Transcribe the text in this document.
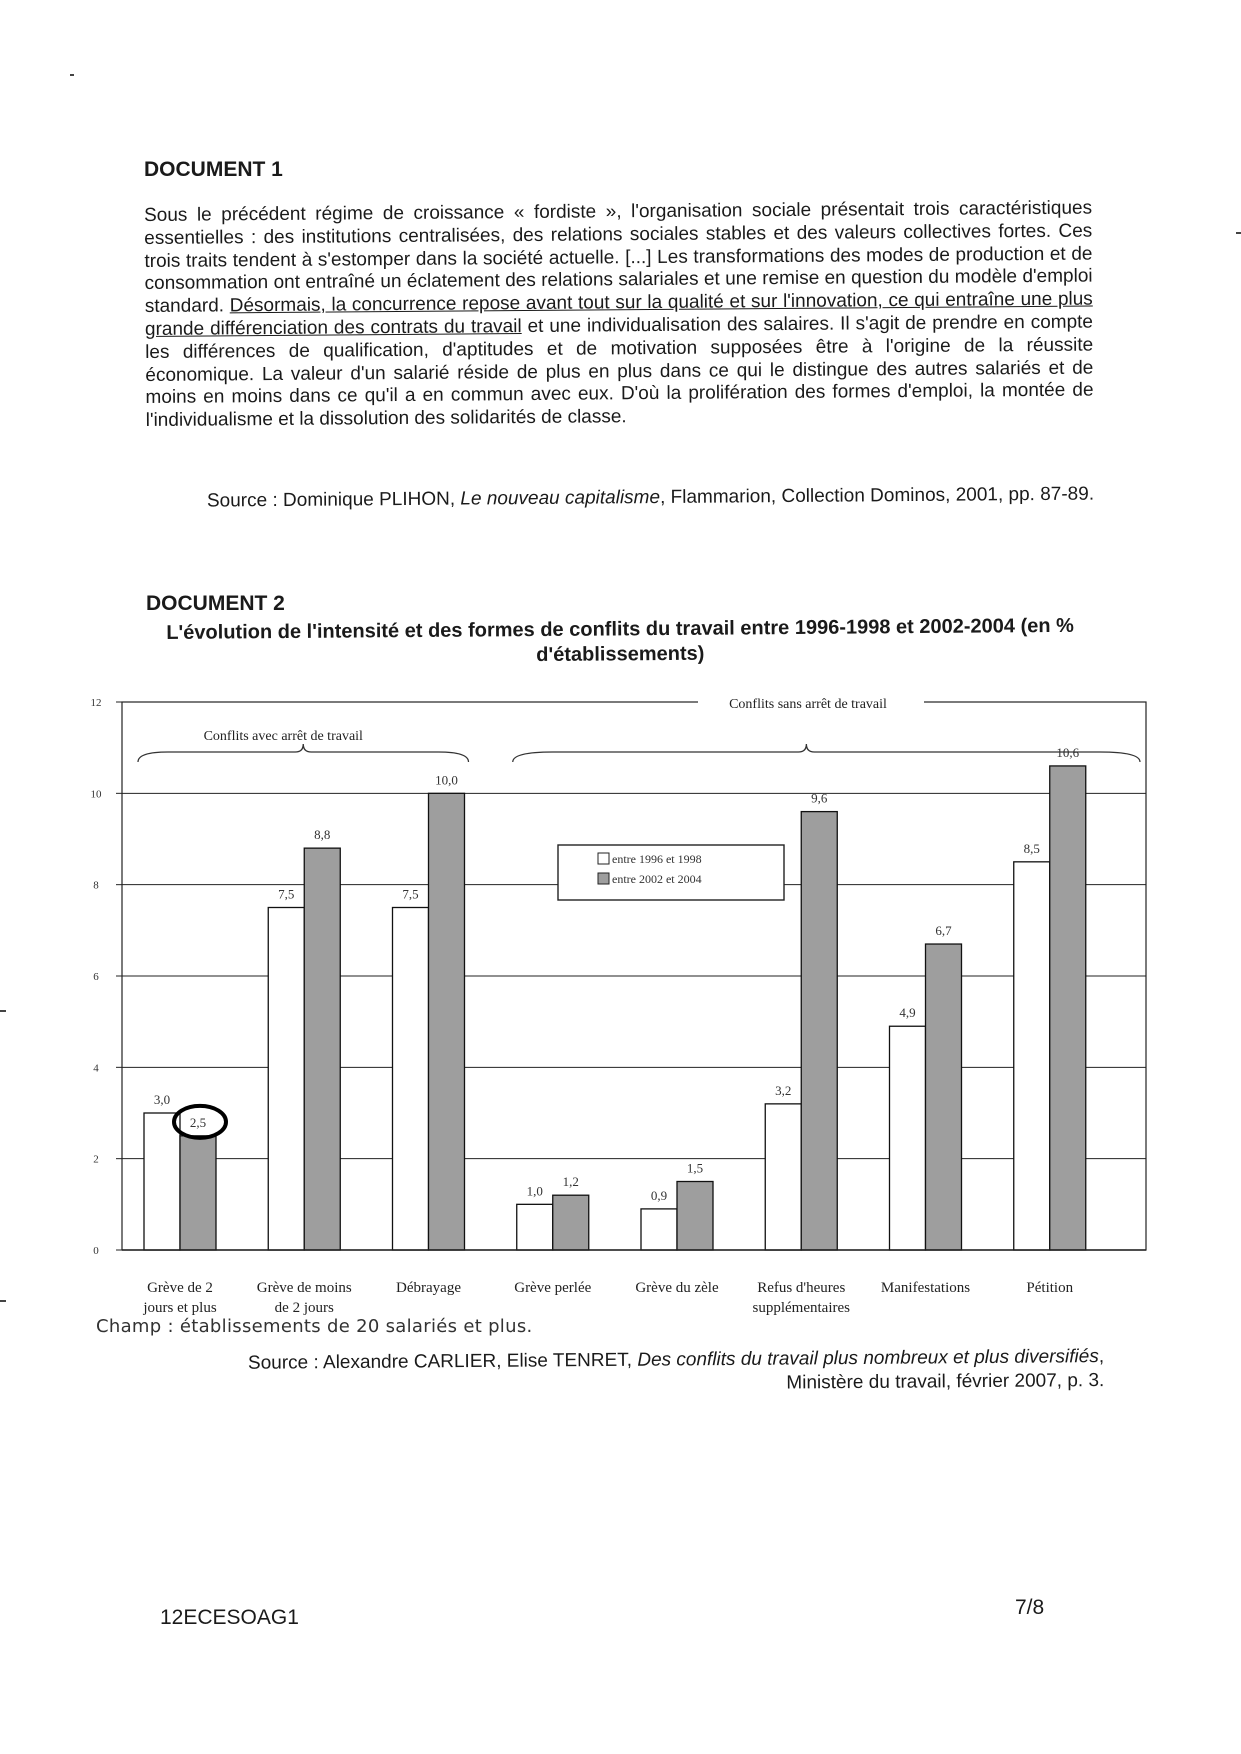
DOCUMENT 1
Sous le précédent régime de croissance « fordiste », l'organisation sociale présentait trois caractéristiques essentielles : des institutions centralisées, des relations sociales stables et des valeurs collectives fortes. Ces trois traits tendent à s'estomper dans la société actuelle. [...] Les transformations des modes de production et de consommation ont entraîné un éclatement des relations salariales et une remise en question du modèle d'emploi standard. Désormais, la concurrence repose avant tout sur la qualité et sur l'innovation, ce qui entraîne une plus grande différenciation des contrats du travail et une individualisation des salaires. Il s'agit de prendre en compte les différences de qualification, d'aptitudes et de motivation supposées être à l'origine de la réussite économique. La valeur d'un salarié réside de plus en plus dans ce qui le distingue des autres salariés et de moins en moins dans ce qu'il a en commun avec eux. D'où la prolifération des formes d'emploi, la montée de l'individualisme et la dissolution des solidarités de classe.
Source : Dominique PLIHON, Le nouveau capitalisme, Flammarion, Collection Dominos, 2001, pp. 87-89.
DOCUMENT 2
L'évolution de l'intensité et des formes de conflits du travail entre 1996-1998 et 2002-2004 (en % d'établissements)
0
2
4
6
8
10
12
3,0
2,5
Grève de 2
jours et plus
7,5
8,8
Grève de moins
de 2 jours
7,5
10,0
Débrayage
1,0
1,2
Grève perlée
0,9
1,5
Grève du zèle
3,2
9,6
Refus d'heures
supplémentaires
4,9
6,7
Manifestations
8,5
10,6
Pétition
entre 1996 et 1998
entre 2002 et 2004
Conflits avec arrêt de travail
Conflits sans arrêt de travail
Champ : établissements de 20 salariés et plus.
Source : Alexandre CARLIER, Elise TENRET, Des conflits du travail plus nombreux et plus diversifiés, Ministère du travail, février 2007, p. 3.
12ECESOAG1	7/8
